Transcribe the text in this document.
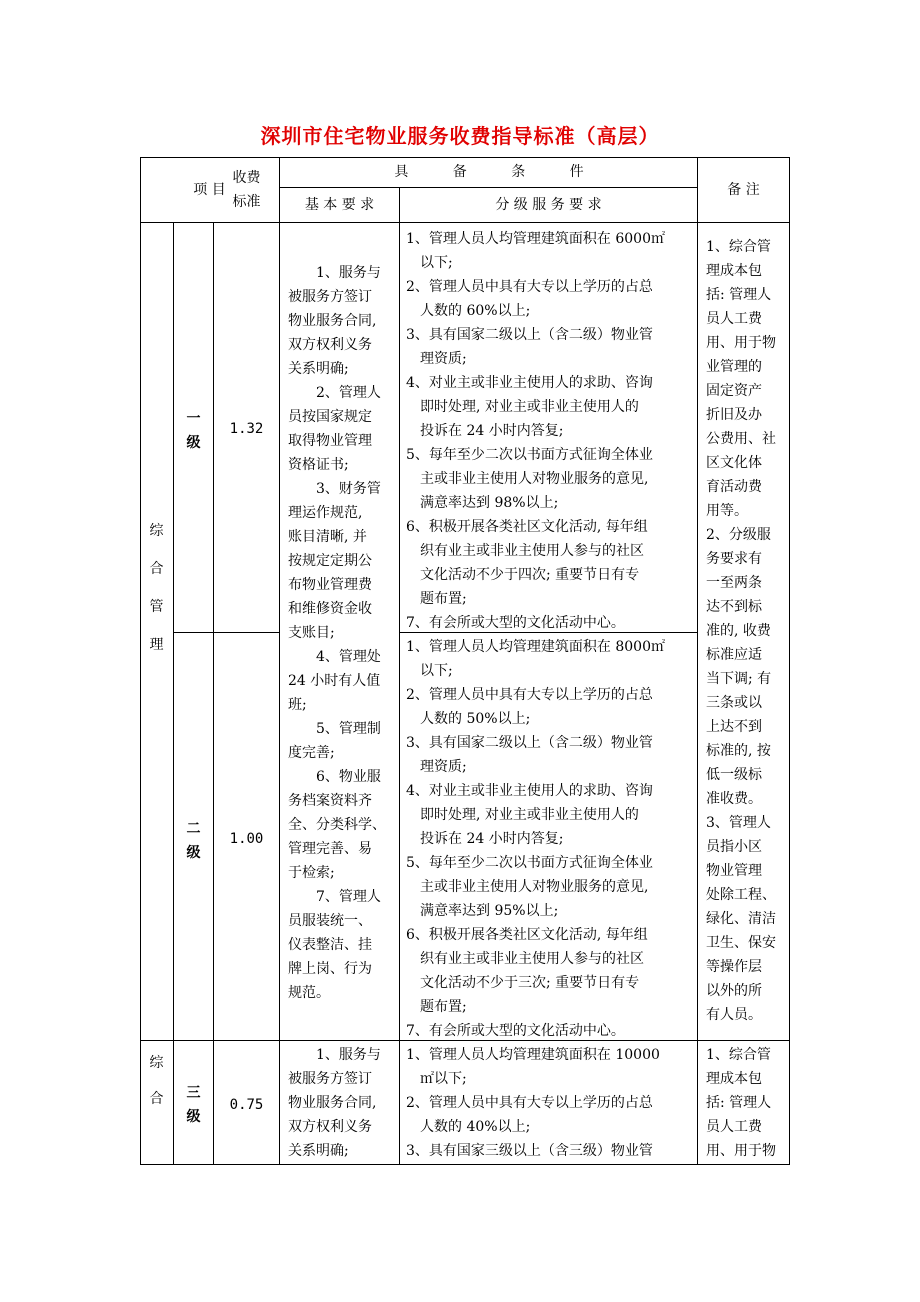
深圳市住宅物业服务收费指导标准（高层）
项 目
收费
标准
具 备 条 件
基 本 要 求	分 级 服 务 要 求
备 注
综
合
管
理
综
合
一
级
1.32
二
级
1.00
三
级
0.75
　　1、服务与
被服务方签订
物业服务合同,
双方权利义务
关系明确;
　　2、管理人
员按国家规定
取得物业管理
资格证书;
　　3、财务管
理运作规范,
账目清晰, 并
按规定定期公
布物业管理费
和维修资金收
支账目;
　　4、管理处
24 小时有人值
班;
　　5、管理制
度完善;
　　6、物业服
务档案资料齐
全、分类科学、
管理完善、易
于检索;
　　7、管理人
员服装统一、
仪表整洁、挂
牌上岗、行为
规范。
1、管理人员人均管理建筑面积在 6000㎡
以下;
2、管理人员中具有大专以上学历的占总
人数的 60%以上;
3、具有国家二级以上（含二级）物业管
理资质;
4、对业主或非业主使用人的求助、咨询
即时处理, 对业主或非业主使用人的
投诉在 24 小时内答复;
5、每年至少二次以书面方式征询全体业
主或非业主使用人对物业服务的意见,
满意率达到 98%以上;
6、积极开展各类社区文化活动, 每年组
织有业主或非业主使用人参与的社区
文化活动不少于四次; 重要节日有专
题布置;
7、有会所或大型的文化活动中心。
1、管理人员人均管理建筑面积在 8000㎡
以下;
2、管理人员中具有大专以上学历的占总
人数的 50%以上;
3、具有国家二级以上（含二级）物业管
理资质;
4、对业主或非业主使用人的求助、咨询
即时处理, 对业主或非业主使用人的
投诉在 24 小时内答复;
5、每年至少二次以书面方式征询全体业
主或非业主使用人对物业服务的意见,
满意率达到 95%以上;
6、积极开展各类社区文化活动, 每年组
织有业主或非业主使用人参与的社区
文化活动不少于三次; 重要节日有专
题布置;
7、有会所或大型的文化活动中心。
1、综合管
理成本包
括: 管理人
员人工费
用、用于物
业管理的
固定资产
折旧及办
公费用、社
区文化体
育活动费
用等。
2、分级服
务要求有
一至两条
达不到标
准的, 收费
标准应适
当下调; 有
三条或以
上达不到
标准的, 按
低一级标
准收费。
3、管理人
员指小区
物业管理
处除工程、
绿化、清洁
卫生、保安
等操作层
以外的所
有人员。
　　1、服务与
被服务方签订
物业服务合同,
双方权利义务
关系明确;
1、管理人员人均管理建筑面积在 10000
㎡以下;
2、管理人员中具有大专以上学历的占总
人数的 40%以上;
3、具有国家三级以上（含三级）物业管
1、综合管
理成本包
括: 管理人
员人工费
用、用于物
